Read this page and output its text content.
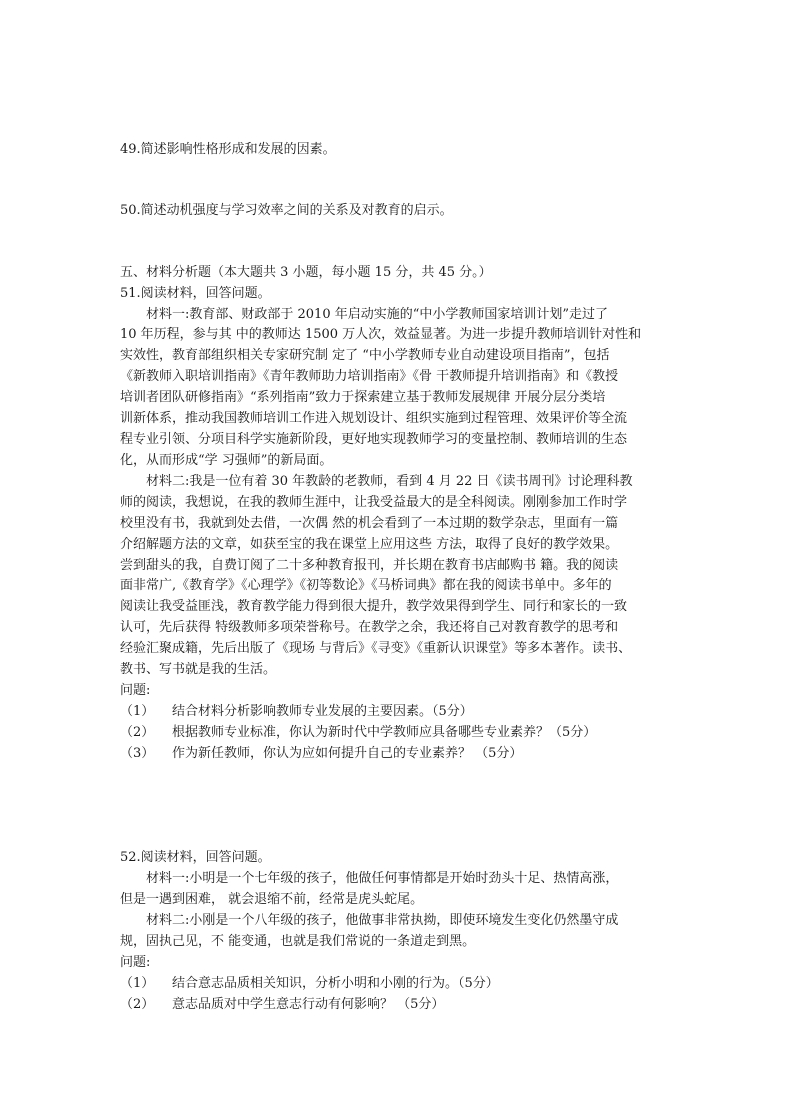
49.简述影响性格形成和发展的因素。
50.简述动机强度与学习效率之间的关系及对教育的启示。
五、材料分析题（本大题共 3 小题，每小题 15 分，共 45 分。）
51.阅读材料，回答问题。
材料一:教育部、财政部于 2010 年启动实施的“中小学教师国家培训计划”走过了
10 年历程，参与其 中的教师达 1500 万人次，效益显著。为进一步提升教师培训针对性和
实效性，教育部组织相关专家研究制 定了 “中小学教师专业自动建设项目指南”，包括
《新教师入职培训指南》《青年教师助力培训指南》《骨 干教师提升培训指南》和《教授
培训者团队研修指南》“系列指南”致力于探索建立基于教师发展规律 开展分层分类培
训新体系，推动我国教师培训工作进入规划设计、组织实施到过程管理、效果评价等全流
程专业引领、分项目科学实施新阶段，更好地实现教师学习的变量控制、教师培训的生态
化，从而形成“学 习强师”的新局面。
材料二:我是一位有着 30 年教龄的老教师，看到 4 月 22 日《读书周刊》讨论理科教
师的阅读，我想说，在我的教师生涯中，让我受益最大的是全科阅读。刚刚参加工作时学
校里没有书，我就到处去借，一次偶 然的机会看到了一本过期的数学杂志，里面有一篇
介绍解题方法的文章，如获至宝的我在课堂上应用这些 方法，取得了良好的教学效果。
尝到甜头的我，自费订阅了二十多种教育报刊，并长期在教育书店邮购书 籍。我的阅读
面非常广,《教育学》《心理学》《初等数论》《马桥词典》都在我的阅读书单中。多年的
阅读让我受益匪浅，教育教学能力得到很大提升，教学效果得到学生、同行和家长的一致
认可，先后获得 特级教师多项荣誉称号。在教学之余，我还将自己对教育教学的思考和
经验汇聚成籍，先后出版了《现场 与背后》《寻变》《重新认识课堂》等多本著作。读书、
教书、写书就是我的生活。
问题:
（1） 结合材料分析影响教师专业发展的主要因素。（5分）
（2） 根据教师专业标准，你认为新时代中学教师应具备哪些专业素养？（5分）
（3） 作为新任教师，你认为应如何提升自己的专业素养？ （5分）
52.阅读材料，回答问题。
材料一:小明是一个七年级的孩子，他做任何事情都是开始时劲头十足、热情高涨，
但是一遇到困难， 就会退缩不前，经常是虎头蛇尾。
材料二:小刚是一个八年级的孩子，他做事非常执拗，即使环境发生变化仍然墨守成
规，固执己见，不 能变通，也就是我们常说的一条道走到黑。
问题:
（1） 结合意志品质相关知识，分析小明和小刚的行为。（5分）
（2） 意志品质对中学生意志行动有何影响？ （5分）
